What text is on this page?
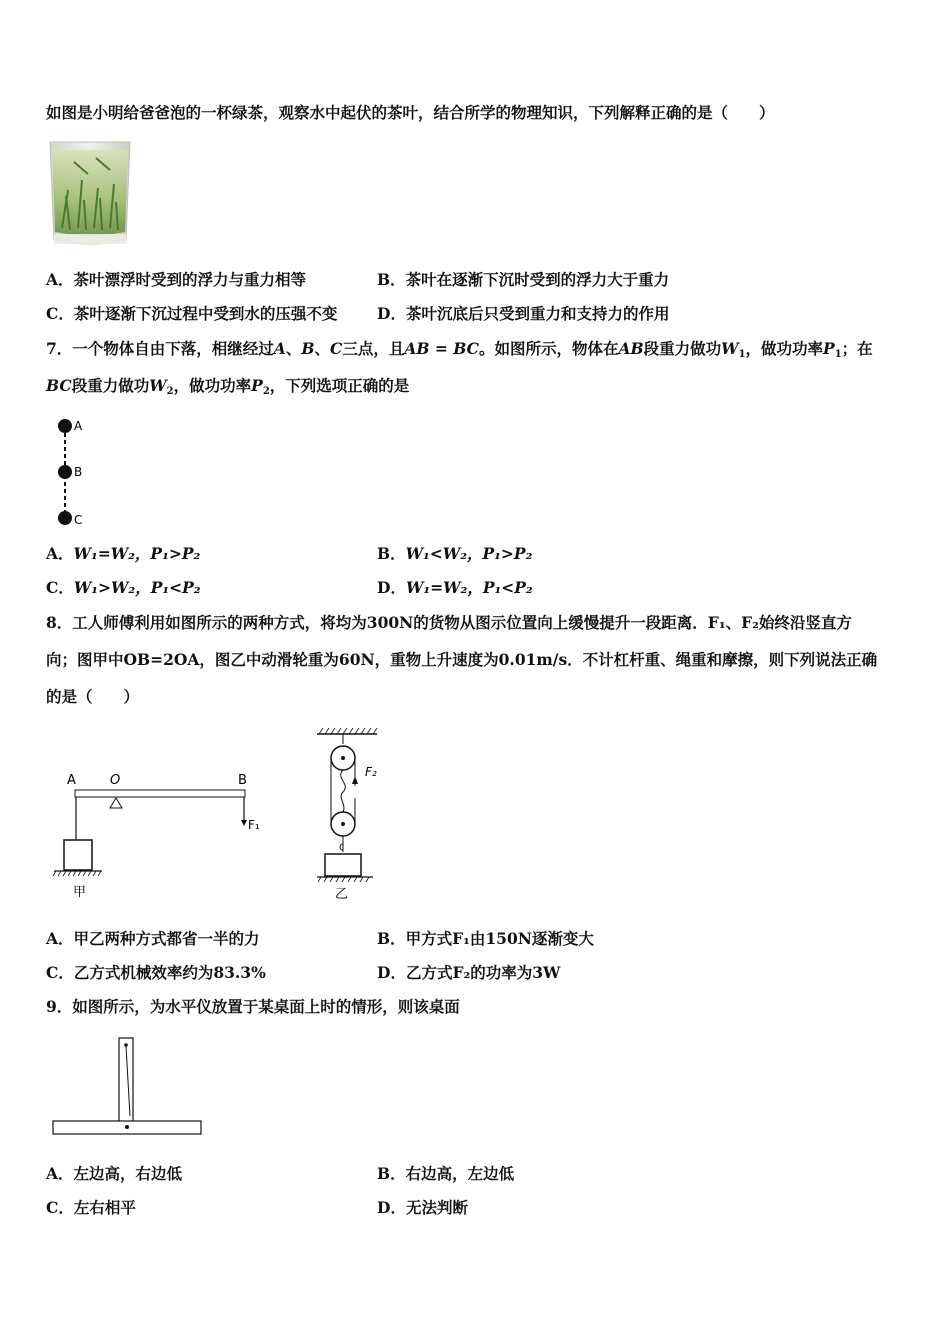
如图是小明给爸爸泡的一杯绿茶，观察水中起伏的茶叶，结合所学的物理知识，下列解释正确的是（　　）
A．茶叶漂浮时受到的浮力与重力相等	B．茶叶在逐渐下沉时受到的浮力大于重力
C．茶叶逐渐下沉过程中受到水的压强不变	D．茶叶沉底后只受到重力和支持力的作用
7．一个物体自由下落，相继经过A、B、C三点，且AB = BC。如图所示，物体在AB段重力做功$W_1$，做功功率$P_1$；在
BC段重力做功$W_2$，做功功率$P_2$，下列选项正确的是
A
B
C
A．W₁=W₂，P₁>P₂	B．W₁<W₂，P₁>P₂
C．W₁>W₂，P₁<P₂	D．W₁=W₂，P₁<P₂
8．工人师傅利用如图所示的两种方式，将均为300N的货物从图示位置向上缓慢提升一段距离．F₁、F₂始终沿竖直方
向；图甲中OB=2OA，图乙中动滑轮重为60N，重物上升速度为0.01m/s．不计杠杆重、绳重和摩擦，则下列说法正确
的是（　　）
A	O	B
F₁
甲
F₂
乙
A．甲乙两种方式都省一半的力	B．甲方式F₁由150N逐渐变大
C．乙方式机械效率约为83.3%	D．乙方式F₂的功率为3W
9．如图所示，为水平仪放置于某桌面上时的情形，则该桌面
A．左边高，右边低	B．右边高，左边低
C．左右相平	D．无法判断
